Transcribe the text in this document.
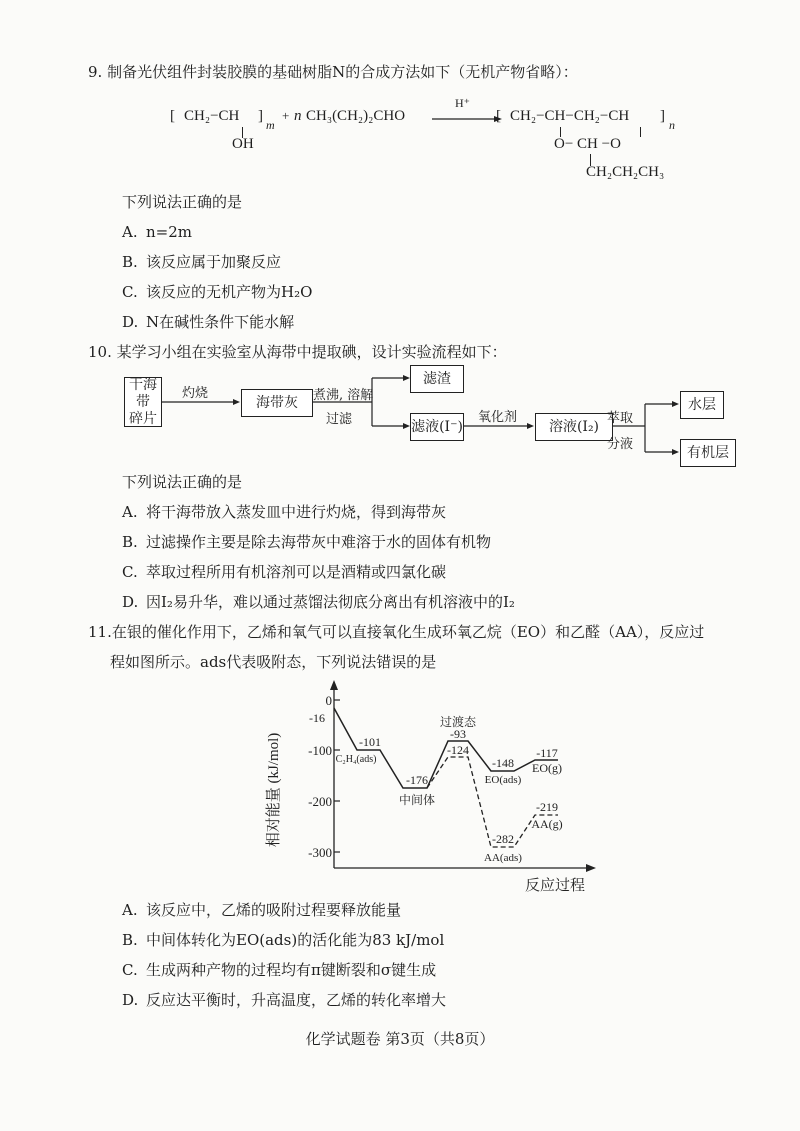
9. 制备光伏组件封装胶膜的基础树脂N的合成方法如下（无机产物省略）：
[ CH₂−CH
OH
]
m
+ n CH₃(CH₂)₂CHO
H⁺
[ CH₂−CH−CH₂−CH
O− CH −O
CH₂CH₂CH₃
]
n
下列说法正确的是
A. n=2m
B. 该反应属于加聚反应
C. 该反应的无机产物为H₂O
D. N在碱性条件下能水解
10. 某学习小组在实验室从海带中提取碘，设计实验流程如下：
干海带
碎片
灼烧
海带灰	煮沸, 溶解
过滤
滤渣
滤液(I⁻)
氧化剂
溶液(I₂) 萃取
分液
水层
有机层
下列说法正确的是
A. 将干海带放入蒸发皿中进行灼烧，得到海带灰
B. 过滤操作主要是除去海带灰中难溶于水的固体有机物
C. 萃取过程所用有机溶剂可以是酒精或四氯化碳
D. 因I₂易升华，难以通过蒸馏法彻底分离出有机溶液中的I₂
11.在银的催化作用下，乙烯和氧气可以直接氧化生成环氧乙烷（EO）和乙醛（AA），反应过
程如图所示。ads代表吸附态，下列说法错误的是
0
-100
-200
-300
相对能量 (kJ/mol)
-16
-101
C₂H₄(ads)
-176
中间体
过渡态
-93
-124
-148
EO(ads)
-117
EO(g)
-282
AA(ads)
-219
AA(g)
反应过程
A. 该反应中，乙烯的吸附过程要释放能量
B. 中间体转化为EO(ads)的活化能为83 kJ/mol
C. 生成两种产物的过程均有π键断裂和σ键生成
D. 反应达平衡时，升高温度，乙烯的转化率增大
化学试题卷 第3页（共8页）
